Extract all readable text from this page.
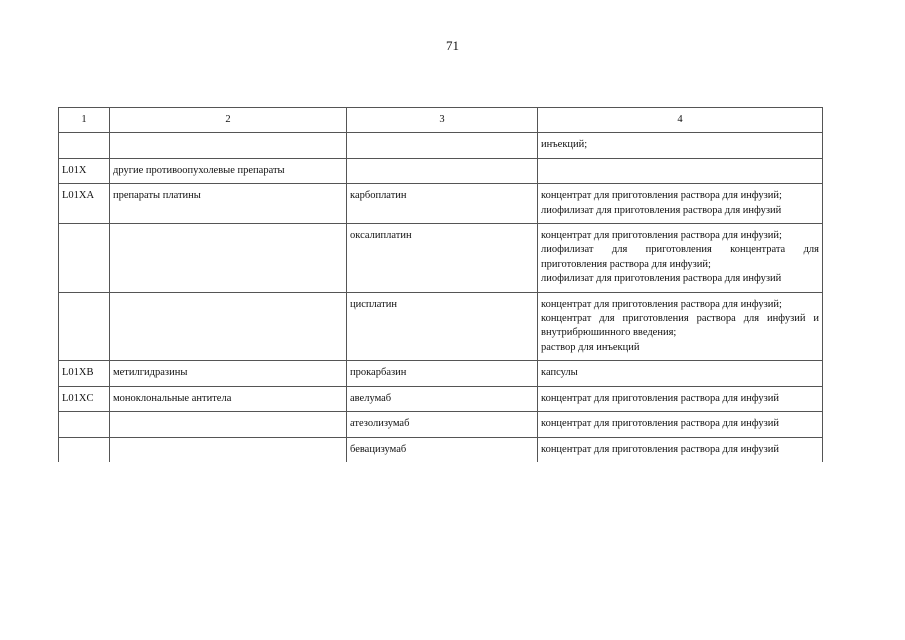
71
1	2	3	4

			инъекций;

L01X	другие противоопухолевые препараты		
L01XA	препараты платины	карбоплатин	концентрат для приготовления раствора для инфузий;
лиофилизат для приготовления раствора для инфузий

		оксалиплатин	концентрат для приготовления раствора для инфузий;
лиофилизат для приготовления концентрата для приготовления раствора для инфузий;
лиофилизат для приготовления раствора для инфузий

		цисплатин	концентрат для приготовления раствора для инфузий;
концентрат для приготовления раствора для инфузий и внутрибрюшинного введения;
раствор для инъекций

L01XB	метилгидразины	прокарбазин	капсулы

L01XC	моноклональные антитела	авелумаб	концентрат для приготовления раствора для инфузий

		атезолизумаб	концентрат для приготовления раствора для инфузий

		бевацизумаб	концентрат для приготовления раствора для инфузий
